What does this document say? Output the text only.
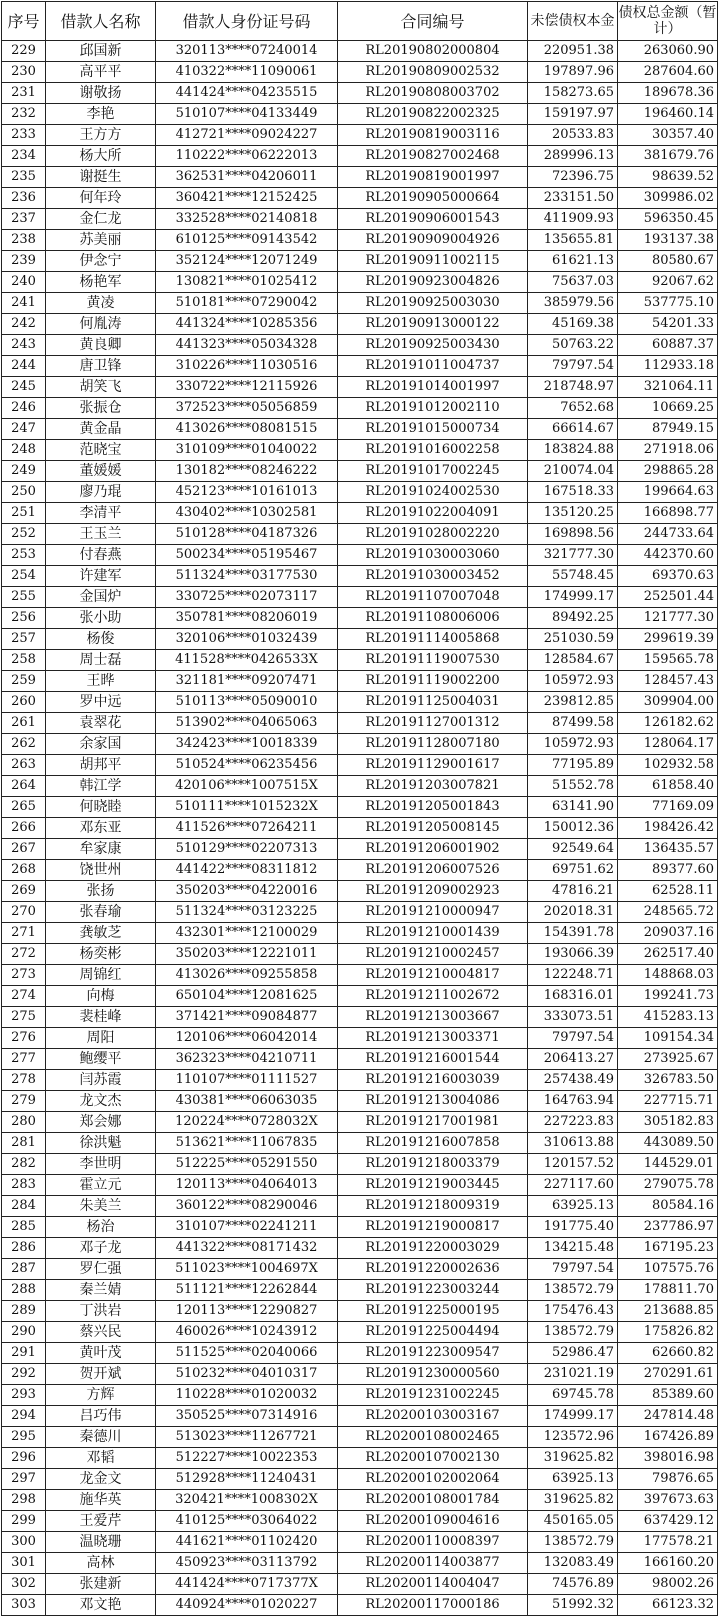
序号	借款人名称	借款人身份证号码	合同编号	未偿债权本金	债权总金额（暂计）
229	邱国新	320113****07240014	RL20190802000804	220951.38	263060.90
230	高平平	410322****11090061	RL20190809002532	197897.96	287604.60
231	谢敬扬	441424****04235515	RL20190808003702	158273.65	189678.36
232	李艳	510107****04133449	RL20190822002325	159197.97	196460.14
233	王方方	412721****09024227	RL20190819003116	20533.83	30357.40
234	杨大所	110222****06222013	RL20190827002468	289996.13	381679.76
235	谢挺生	362531****04206011	RL20190819001997	72396.75	98639.52
236	何年玲	360421****12152425	RL20190905000664	233151.50	309986.02
237	金仁龙	332528****02140818	RL20190906001543	411909.93	596350.45
238	苏美丽	610125****09143542	RL20190909004926	135655.81	193137.38
239	伊念宁	352124****12071249	RL20190911002115	61621.13	80580.67
240	杨艳军	130821****01025412	RL20190923004826	75637.03	92067.62
241	黄凌	510181****07290042	RL20190925003030	385979.56	537775.10
242	何胤涛	441324****10285356	RL20190913000122	45169.38	54201.33
243	黄良卿	441323****05034328	RL20190925003430	50763.22	60887.37
244	唐卫锋	310226****11030516	RL20191011004737	79797.54	112933.18
245	胡笑飞	330722****12115926	RL20191014001997	218748.97	321064.11
246	张振仓	372523****05056859	RL20191012002110	7652.68	10669.25
247	黄金晶	413026****08081515	RL20191015000734	66614.67	87949.15
248	范晓宝	310109****01040022	RL20191016002258	183824.88	271918.06
249	董媛媛	130182****08246222	RL20191017002245	210074.04	298865.28
250	廖乃琨	452123****10161013	RL20191024002530	167518.33	199664.63
251	李清平	430402****10302581	RL20191022004091	135120.25	166898.77
252	王玉兰	510128****04187326	RL20191028002220	169898.56	244733.64
253	付春燕	500234****05195467	RL20191030003060	321777.30	442370.60
254	许建军	511324****03177530	RL20191030003452	55748.45	69370.63
255	金国炉	330725****02073117	RL20191107007048	174999.17	252501.44
256	张小助	350781****08206019	RL20191108006006	89492.25	121777.30
257	杨俊	320106****01032439	RL20191114005868	251030.59	299619.39
258	周士磊	411528****0426533X	RL20191119007530	128584.67	159565.78
259	王晔	321181****09207471	RL20191119002200	105972.93	128457.43
260	罗中远	510113****05090010	RL20191125004031	239812.85	309904.00
261	袁翠花	513902****04065063	RL20191127001312	87499.58	126182.62
262	余家国	342423****10018339	RL20191128007180	105972.93	128064.17
263	胡邦平	510524****06235456	RL20191129001617	77195.89	102932.58
264	韩江学	420106****1007515X	RL20191203007821	51552.78	61858.40
265	何晓睦	510111****1015232X	RL20191205001843	63141.90	77169.09
266	邓东亚	411526****07264211	RL20191205008145	150012.36	198426.42
267	牟家康	510129****02207313	RL20191206001902	92549.64	136435.57
268	饶世州	441422****08311812	RL20191206007526	69751.62	89377.60
269	张扬	350203****04220016	RL20191209002923	47816.21	62528.11
270	张春瑜	511324****03123225	RL20191210000947	202018.31	248565.72
271	龚敏芝	432301****12100029	RL20191210001439	154391.78	209037.16
272	杨奕彬	350203****12221011	RL20191210002457	193066.39	262517.40
273	周锦红	413026****09255858	RL20191210004817	122248.71	148868.03
274	向梅	650104****12081625	RL20191211002672	168316.01	199241.73
275	裴桂峰	371421****09084877	RL20191213003667	333073.51	415283.13
276	周阳	120106****06042014	RL20191213003371	79797.54	109154.34
277	鲍缨平	362323****04210711	RL20191216001544	206413.27	273925.67
278	闫苏霞	110107****01111527	RL20191216003039	257438.49	326783.50
279	龙文杰	430381****06063035	RL20191213004086	164763.94	227715.71
280	郑会娜	120224****0728032X	RL20191217001981	227223.83	305182.83
281	徐洪魁	513621****11067835	RL20191216007858	310613.88	443089.50
282	李世明	512225****05291550	RL20191218003379	120157.52	144529.01
283	霍立元	120113****04064013	RL20191219003445	227117.60	279075.78
284	朱美兰	360122****08290046	RL20191218009319	63925.13	80584.16
285	杨治	310107****02241211	RL20191219000817	191775.40	237786.97
286	邓子龙	441322****08171432	RL20191220003029	134215.48	167195.23
287	罗仁强	511023****1004697X	RL20191220002636	79797.54	107575.76
288	秦兰婧	511121****12262844	RL20191223003244	138572.79	178811.70
289	丁洪岩	120113****12290827	RL20191225000195	175476.43	213688.85
290	蔡兴民	460026****10243912	RL20191225004494	138572.79	175826.82
291	黄叶茂	511525****02040066	RL20191223009547	52986.47	62660.82
292	贺开斌	510232****04010317	RL20191230000560	231021.19	270291.61
293	方辉	110228****01020032	RL20191231002245	69745.78	85389.60
294	吕巧伟	350525****07314916	RL20200103003167	174999.17	247814.48
295	秦德川	513023****11267721	RL20200108002465	123572.96	167426.89
296	邓韬	512227****10022353	RL20200107002130	319625.82	398016.98
297	龙金文	512928****11240431	RL20200102002064	63925.13	79876.65
298	施华英	320421****1008302X	RL20200108001784	319625.82	397673.63
299	王爱芹	410125****03064022	RL20200109004616	450165.05	637429.12
300	温晓珊	441621****01102420	RL20200110008397	138572.79	177578.21
301	高林	450923****03113792	RL20200114003877	132083.49	166160.20
302	张建新	441424****0717377X	RL20200114004047	74576.89	98002.26
303	邓文艳	440924****01020227	RL20200117000186	51992.32	66123.32
